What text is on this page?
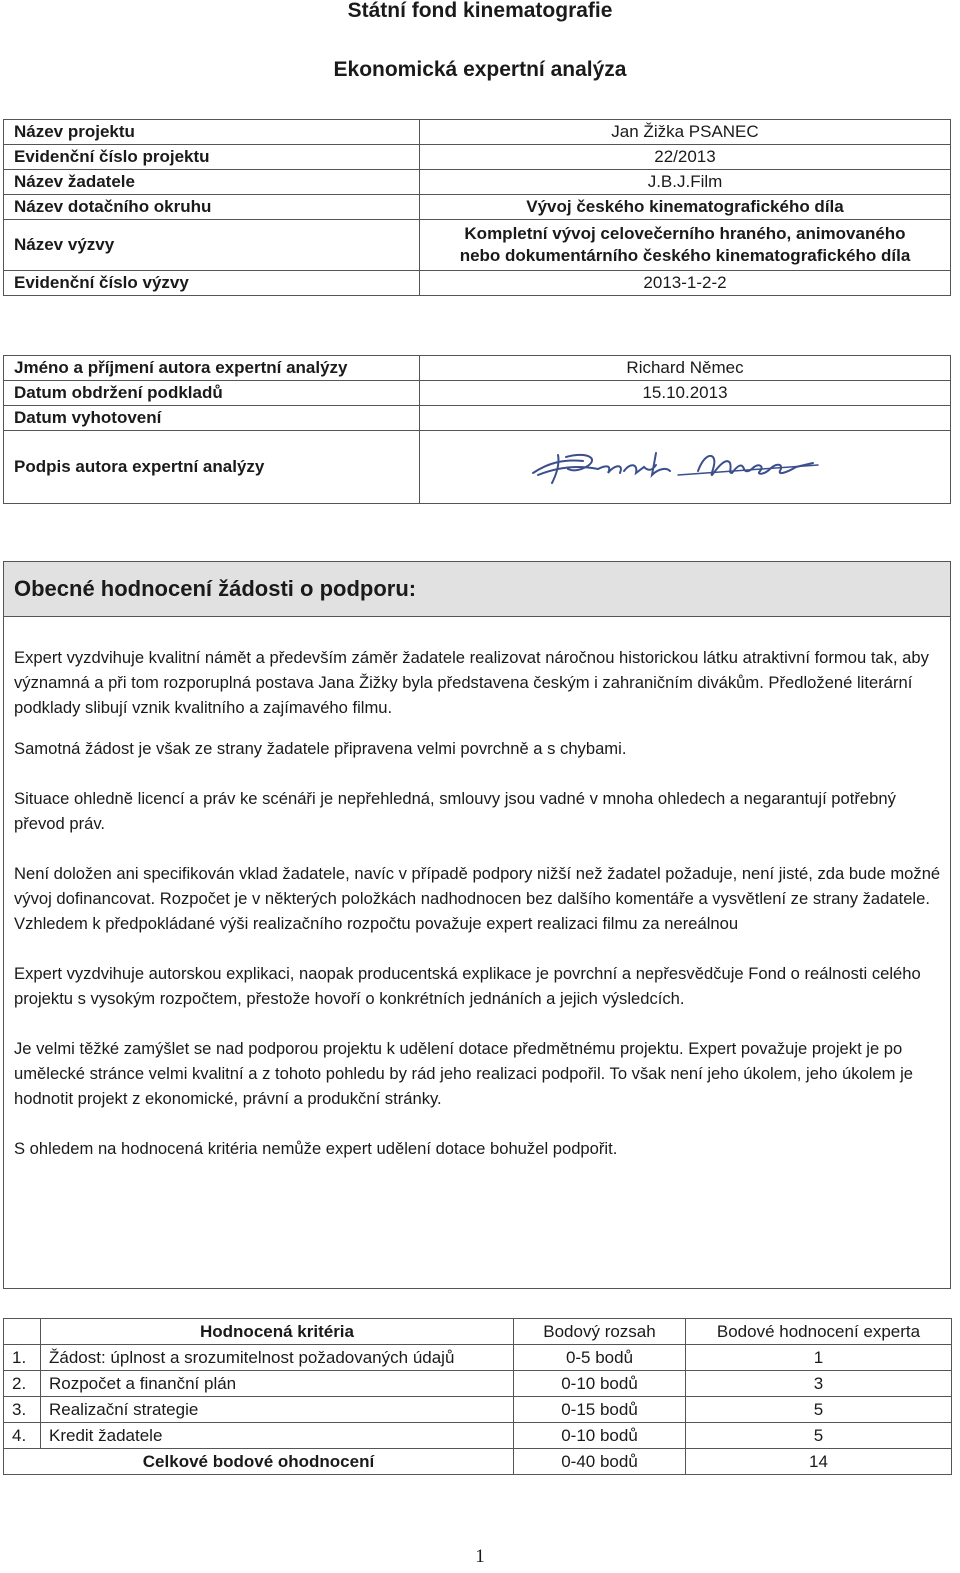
Státní fond kinematografie
Ekonomická expertní analýza
Název projektu	Jan Žižka PSANEC
Evidenční číslo projektu	22/2013
Název žadatele	J.B.J.Film
Název dotačního okruhu	Vývoj českého kinematografického díla
Název výzvy	Kompletní vývoj celovečerního hraného, animovaného
nebo dokumentárního českého kinematografického díla

Evidenční číslo výzvy	2013-1-2-2
Jméno a příjmení autora expertní analýzy	Richard Němec
Datum obdržení podkladů	15.10.2013
Datum vyhotovení	
Podpis autora expertní analýzy	
Obecné hodnocení žádosti o podporu:

Expert vyzdvihuje kvalitní námět a především záměr žadatele realizovat náročnou historickou látku atraktivní formou tak, aby významná a při tom rozporuplná postava Jana Žižky byla představena českým i zahraničním divákům. Předložené literární podklady slibují vznik kvalitního a zajímavého filmu.

Samotná žádost je však ze strany žadatele připravena velmi povrchně a s chybami.

Situace ohledně licencí a práv ke scénáři je nepřehledná, smlouvy jsou vadné v mnoha ohledech a negarantují potřebný převod práv.

Není doložen ani specifikován vklad žadatele, navíc v případě podpory nižší než žadatel požaduje, není jisté, zda bude možné vývoj dofinancovat. Rozpočet je v některých položkách nadhodnocen bez dalšího komentáře a vysvětlení ze strany žadatele. Vzhledem k předpokládané výši realizačního rozpočtu považuje expert realizaci filmu za nereálnou

Expert vyzdvihuje autorskou explikaci, naopak producentská explikace je povrchní a nepřesvědčuje Fond o reálnosti celého projektu s vysokým rozpočtem, přestože hovoří o konkrétních jednáních a jejich výsledcích.

Je velmi těžké zamýšlet se nad podporou projektu k udělení dotace předmětnému projektu. Expert považuje projekt je po umělecké stránce velmi kvalitní a z tohoto pohledu by rád jeho realizaci podpořil. To však není jeho úkolem, jeho úkolem je hodnotit projekt z ekonomické, právní a produkční stránky.

S ohledem na hodnocená kritéria nemůže expert udělení dotace bohužel podpořit.

	Hodnocená kritéria	Bodový rozsah	Bodové hodnocení experta
1.	Žádost: úplnost a srozumitelnost požadovaných údajů	0-5 bodů	1
2.	Rozpočet a finanční plán	0-10 bodů	3
3.	Realizační strategie	0-15 bodů	5
4.	Kredit žadatele	0-10 bodů	5
Celkové bodové ohodnocení		0-40 bodů	14
1
